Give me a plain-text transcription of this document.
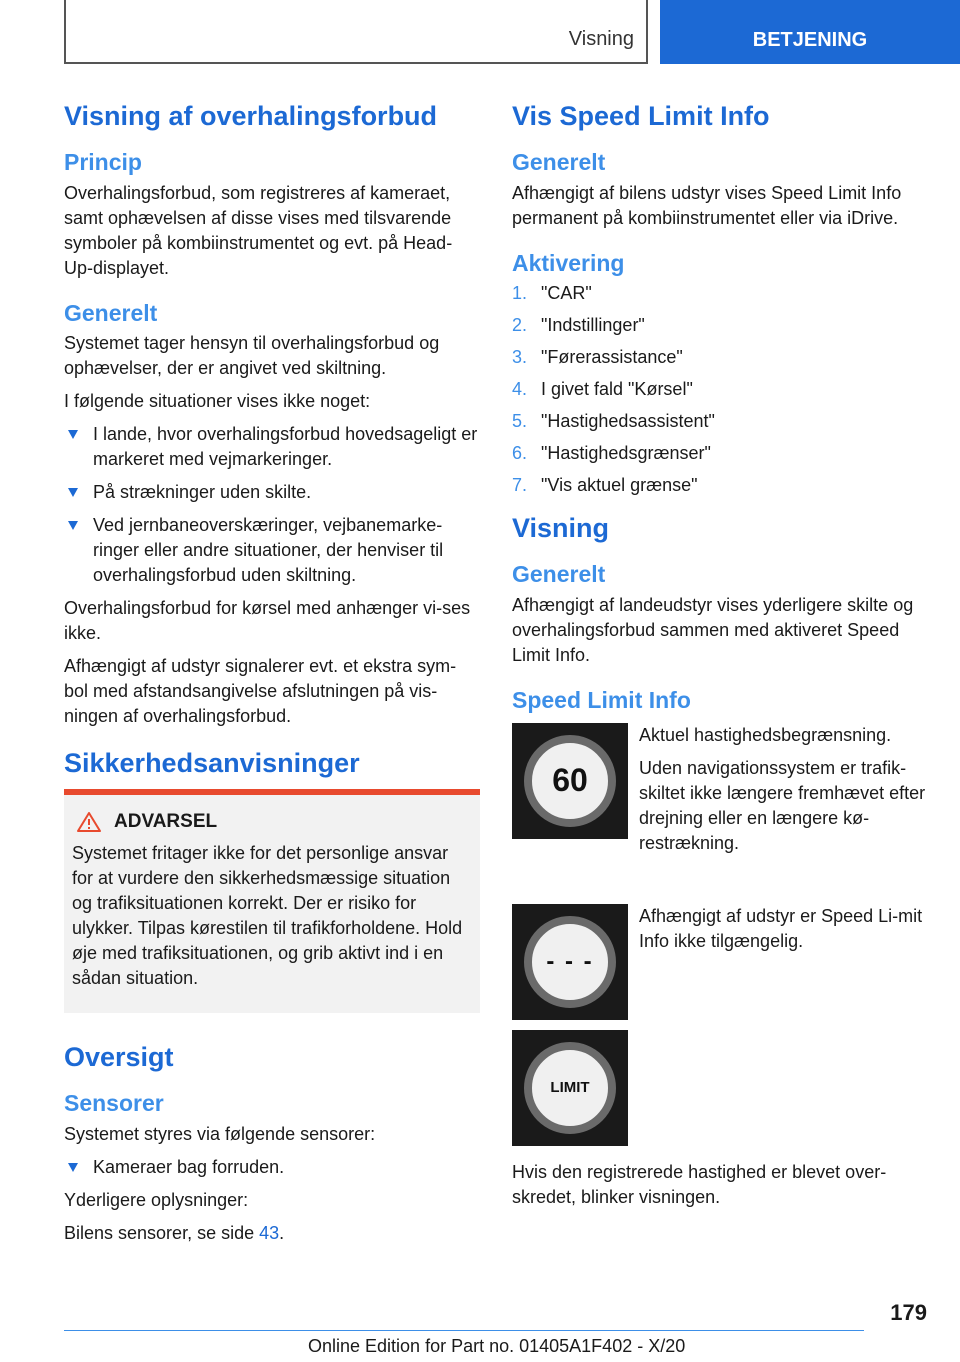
Visning	BETJENING
Visning af overhalingsforbud
Princip

Overhalingsforbud, som registreres af kameraet, samt ophævelsen af disse vises med tilsvarende symboler på kombiinstrumentet og evt. på Head-Up-displayet.

Generelt

Systemet tager hensyn til overhalingsforbud og ophævelser, der er angivet ved skiltning.

I følgende situationer vises ikke noget:

I lande, hvor overhalingsforbud hovedsageligt er markeret med vejmarkeringer.
På strækninger uden skilte.
Ved jernbaneoverskæringer, vejbanemarke-ringer eller andre situationer, der henviser til overhalingsforbud uden skiltning.

Overhalingsforbud for kørsel med anhænger vi-ses ikke.

Afhængigt af udstyr signalerer evt. et ekstra sym-bol med afstandsangivelse afslutningen på vis-ningen af overhalingsforbud.

Sikkerhedsanvisninger
ADVARSEL

Systemet fritager ikke for det personlige ansvar for at vurdere den sikkerhedsmæssige situation og trafiksituationen korrekt. Der er risiko for ulykker. Tilpas kørestilen til trafikforholdene. Hold øje med trafiksituationen, og grib aktivt ind i en sådan situation.

Oversigt
Sensorer

Systemet styres via følgende sensorer:

Kameraer bag forruden.

Yderligere oplysninger:

Bilens sensorer, se side 43.

Vis Speed Limit Info
Generelt

Afhængigt af bilens udstyr vises Speed Limit Info permanent på kombiinstrumentet eller via iDrive.

Aktivering
1. "CAR"
2. "Indstillinger"
3. "Førerassistance"
4. I givet fald "Kørsel"
5. "Hastighedsassistent"
6. "Hastighedsgrænser"
7. "Vis aktuel grænse"
Visning
Generelt

Afhængigt af landeudstyr vises yderligere skilte og overhalingsforbud sammen med aktiveret Speed Limit Info.

Speed Limit Info
60

Aktuel hastighedsbegrænsning.

Uden navigationssystem er trafik-skiltet ikke længere fremhævet efter drejning eller en længere kø-restrækning.

- - -

Afhængigt af udstyr er Speed Li-mit Info ikke tilgængelig.

LIMIT

Hvis den registrerede hastighed er blevet over-skredet, blinker visningen.

179
Online Edition for Part no. 01405A1F402 - X/20
